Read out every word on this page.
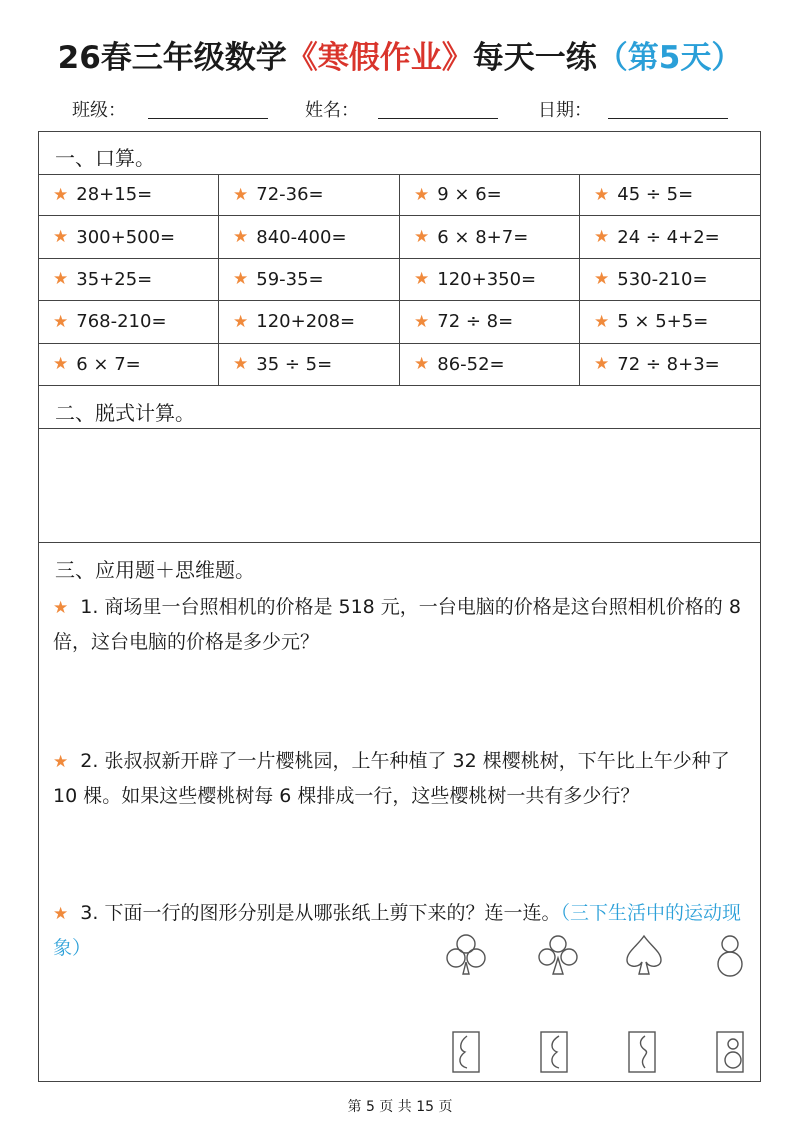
26春三年级数学《寒假作业》每天一练（第5天）
班级：	姓名：	日期：
一、口算。
★ 28+15=	★ 72-36=	★ 9 × 6=	★ 45 ÷ 5=
★ 300+500=	★ 840-400=	★ 6 × 8+7=	★ 24 ÷ 4+2=
★ 35+25=	★ 59-35=	★ 120+350=	★ 530-210=
★ 768-210=	★ 120+208=	★ 72 ÷ 8=	★ 5 × 5+5=
★ 6 × 7=	★ 35 ÷ 5=	★ 86-52=	★ 72 ÷ 8+3=
二、脱式计算。
三、应用题＋思维题。
★ 1. 商场里一台照相机的价格是 518 元，一台电脑的价格是这台照相机价格的 8 倍，这台电脑的价格是多少元？
★ 2. 张叔叔新开辟了一片樱桃园，上午种植了 32 棵樱桃树，下午比上午少种了 10 棵。如果这些樱桃树每 6 棵排成一行，这些樱桃树一共有多少行？
★ 3. 下面一行的图形分别是从哪张纸上剪下来的？连一连。（三下生活中的运动现象）
第 5 页 共 15 页
